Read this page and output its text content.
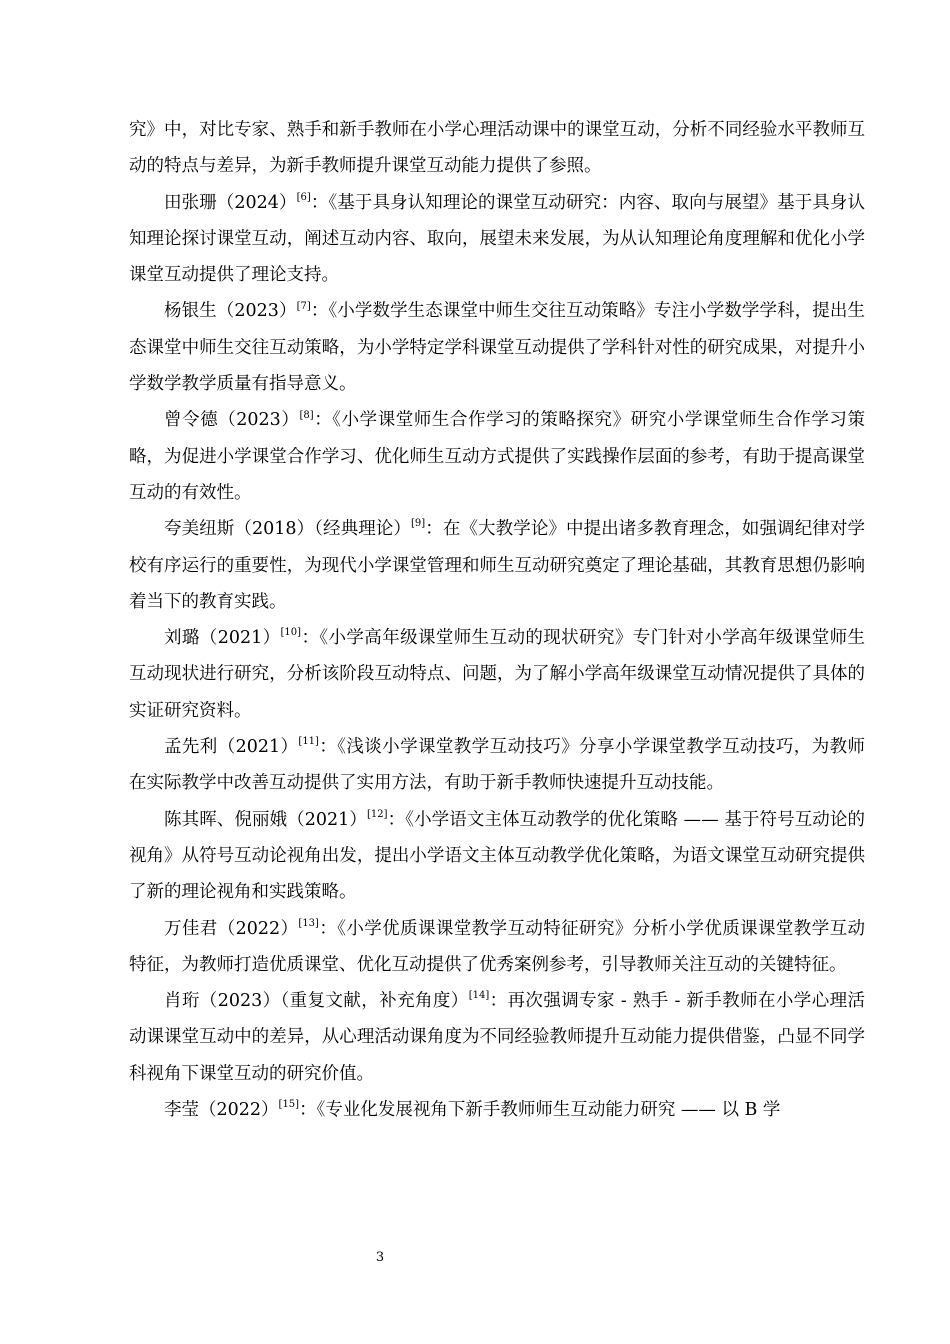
究》中，对比专家、熟手和新手教师在小学心理活动课中的课堂互动，分析不同经验水平教师互动的特点与差异，为新手教师提升课堂互动能力提供了参照。

田张珊（2024）[6]：《基于具身认知理论的课堂互动研究：内容、取向与展望》基于具身认知理论探讨课堂互动，阐述互动内容、取向，展望未来发展，为从认知理论角度理解和优化小学课堂互动提供了理论支持。

杨银生（2023）[7]：《小学数学生态课堂中师生交往互动策略》专注小学数学学科，提出生态课堂中师生交往互动策略，为小学特定学科课堂互动提供了学科针对性的研究成果，对提升小学数学教学质量有指导意义。

曾令德（2023）[8]：《小学课堂师生合作学习的策略探究》研究小学课堂师生合作学习策略，为促进小学课堂合作学习、优化师生互动方式提供了实践操作层面的参考，有助于提高课堂互动的有效性。

夸美纽斯（2018）（经典理论）[9]：在《大教学论》中提出诸多教育理念，如强调纪律对学校有序运行的重要性，为现代小学课堂管理和师生互动研究奠定了理论基础，其教育思想仍影响着当下的教育实践。

刘璐（2021）[10]：《小学高年级课堂师生互动的现状研究》专门针对小学高年级课堂师生互动现状进行研究，分析该阶段互动特点、问题，为了解小学高年级课堂互动情况提供了具体的实证研究资料。

孟先利（2021）[11]：《浅谈小学课堂教学互动技巧》分享小学课堂教学互动技巧，为教师在实际教学中改善互动提供了实用方法，有助于新手教师快速提升互动技能。

陈其晖、倪丽娥（2021）[12]：《小学语文主体互动教学的优化策略 —— 基于符号互动论的视角》从符号互动论视角出发，提出小学语文主体互动教学优化策略，为语文课堂互动研究提供了新的理论视角和实践策略。

万佳君（2022）[13]：《小学优质课课堂教学互动特征研究》分析小学优质课课堂教学互动特征，为教师打造优质课堂、优化互动提供了优秀案例参考，引导教师关注互动的关键特征。

肖珩（2023）（重复文献，补充角度）[14]：再次强调专家 - 熟手 - 新手教师在小学心理活动课课堂互动中的差异，从心理活动课角度为不同经验教师提升互动能力提供借鉴，凸显不同学科视角下课堂互动的研究价值。

李莹（2022）[15]：《专业化发展视角下新手教师师生互动能力研究 —— 以 B 学

3
